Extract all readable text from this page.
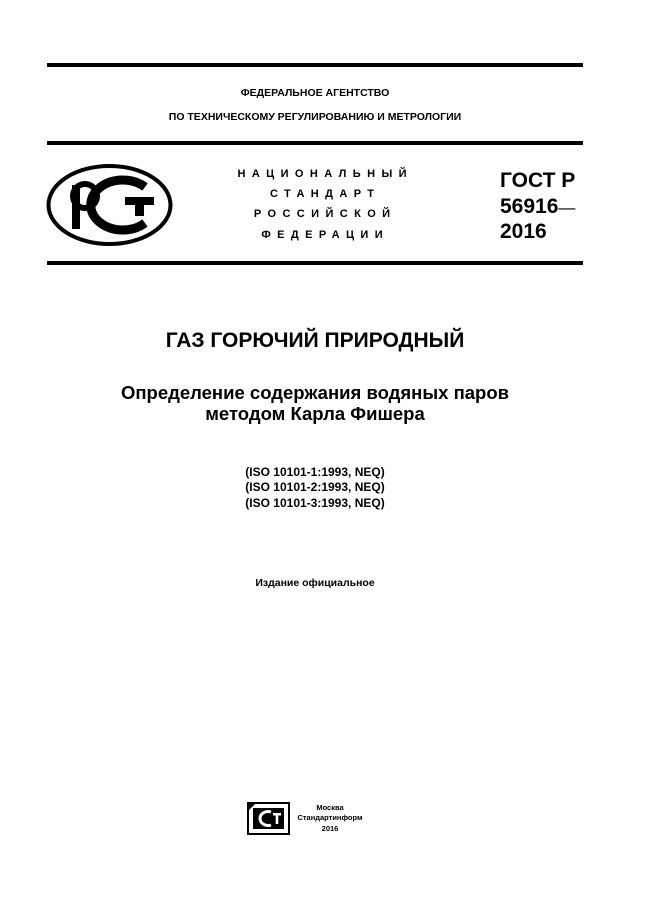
ФЕДЕРАЛЬНОЕ АГЕНТСТВО
ПО ТЕХНИЧЕСКОМУ РЕГУЛИРОВАНИЮ И МЕТРОЛОГИИ
НАЦИОНАЛЬНЫЙ
СТАНДАРТ
РОССИЙСКОЙ
ФЕДЕРАЦИИ
ГОСТ Р
56916—
2016
ГАЗ ГОРЮЧИЙ ПРИРОДНЫЙ
Определение содержания водяных паров
методом Карла Фишера
(ISO 10101-1:1993, NEQ)
(ISO 10101-2:1993, NEQ)
(ISO 10101-3:1993, NEQ)
Издание официальное
Москва
Стандартинформ
2016
